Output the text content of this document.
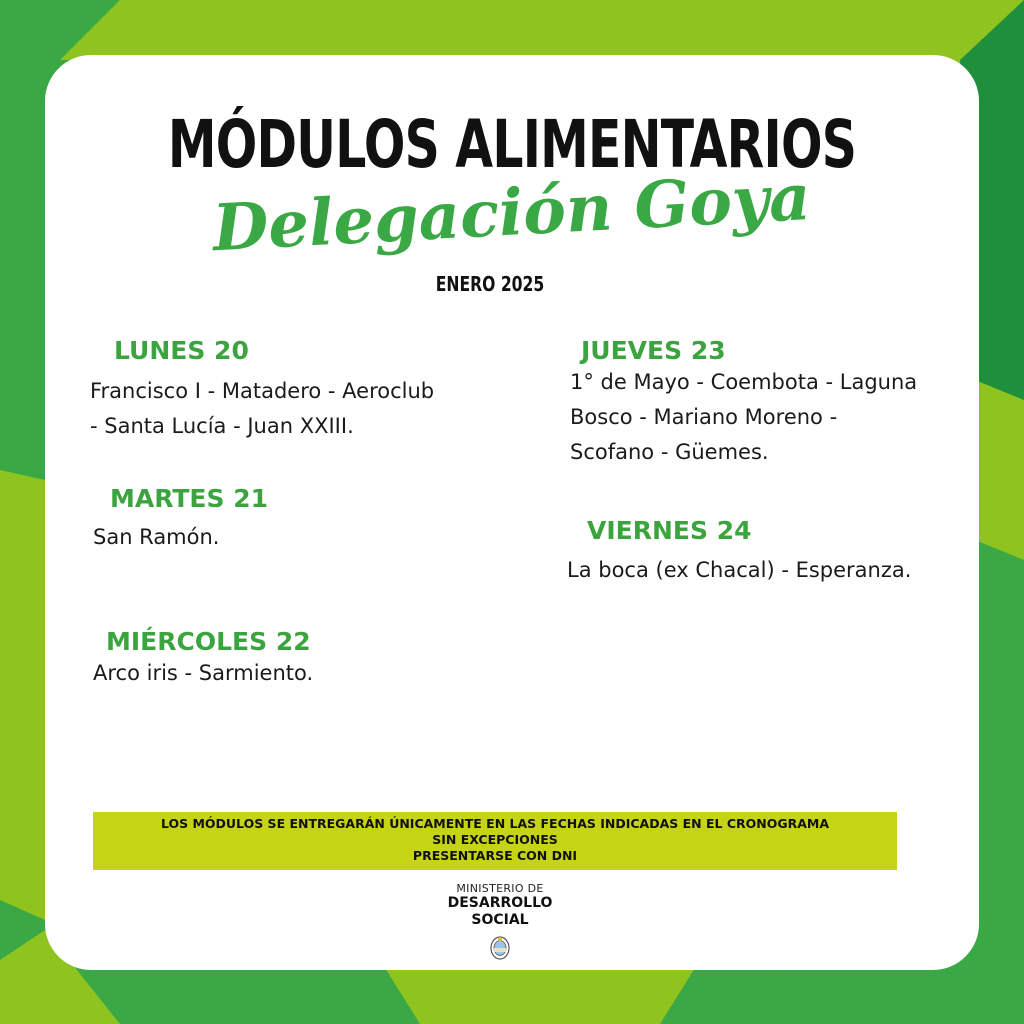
MÓDULOS ALIMENTARIOS
Delegación Goya
ENERO 2025
LUNES 20
Francisco I - Matadero - Aeroclub
- Santa Lucía - Juan XXIII.
MARTES 21
San Ramón.
MIÉRCOLES 22
Arco iris - Sarmiento.
JUEVES 23
1° de Mayo - Coembota - Laguna
Bosco - Mariano Moreno -
Scofano - Güemes.
VIERNES 24
La boca (ex Chacal) - Esperanza.
LOS MÓDULOS SE ENTREGARÁN ÚNICAMENTE EN LAS FECHAS INDICADAS EN EL CRONOGRAMA
SIN EXCEPCIONES
PRESENTARSE CON DNI
MINISTERIO DE
DESARROLLO
SOCIAL
